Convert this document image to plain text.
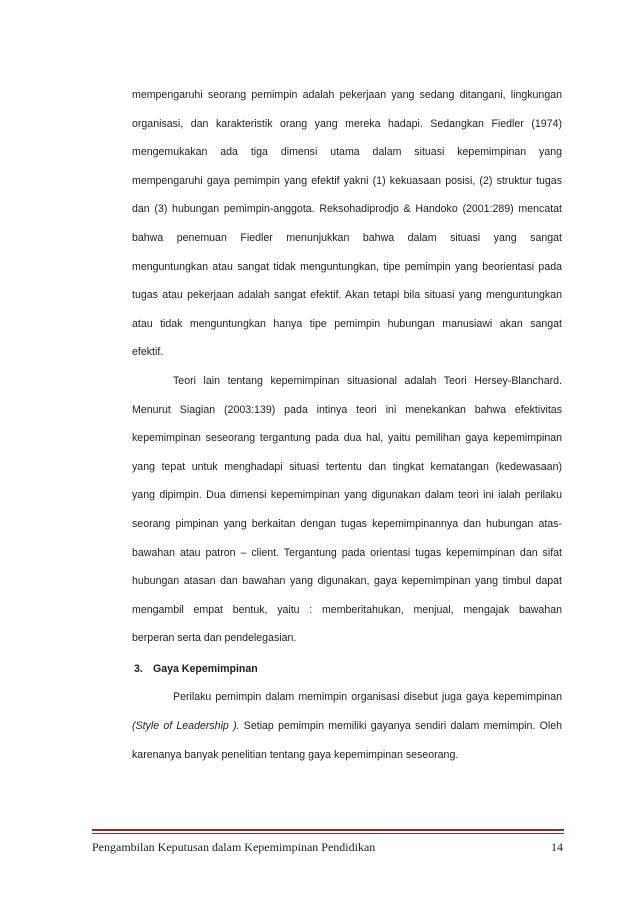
mempengaruhi seorang pemimpin adalah pekerjaan yang sedang ditangani, lingkungan
organisasi, dan karakteristik orang yang mereka hadapi. Sedangkan Fiedler (1974)
mengemukakan ada tiga dimensi utama dalam situasi kepemimpinan yang
mempengaruhi gaya pemimpin yang efektif yakni (1) kekuasaan posisi, (2) struktur tugas
dan (3) hubungan pemimpin-anggota. Reksohadiprodjo & Handoko (2001:289) mencatat
bahwa penemuan Fiedler menunjukkan bahwa dalam situasi yang sangat
menguntungkan atau sangat tidak menguntungkan, tipe pemimpin yang beorientasi pada
tugas atau pekerjaan adalah sangat efektif. Akan tetapi bila situasi yang menguntungkan
atau tidak menguntungkan hanya tipe pemimpin hubungan manusiawi akan sangat
efektif.
Teori lain tentang kepemimpinan situasional adalah Teori Hersey-Blanchard.
Menurut Siagian (2003:139) pada intinya teori ini menekankan bahwa efektivitas
kepemimpinan seseorang tergantung pada dua hal, yaitu pemilihan gaya kepemimpinan
yang tepat untuk menghadapi situasi tertentu dan tingkat kematangan (kedewasaan)
yang dipimpin. Dua dimensi kepemimpinan yang digunakan dalam teori ini ialah perilaku
seorang pimpinan yang berkaitan dengan tugas kepemimpinannya dan hubungan atas-
bawahan atau patron – client. Tergantung pada orientasi tugas kepemimpinan dan sifat
hubungan atasan dan bawahan yang digunakan, gaya kepemimpinan yang timbul dapat
mengambil empat bentuk, yaitu : memberitahukan, menjual, mengajak bawahan
berperan serta dan pendelegasian.
3. Gaya Kepemimpinan
Perilaku pemimpin dalam memimpin organisasi disebut juga gaya kepemimpinan
(Style of Leadership ). Setiap pemimpin memiliki gayanya sendiri dalam memimpin. Oleh
karenanya banyak penelitian tentang gaya kepemimpinan seseorang.
Pengambilan Keputusan dalam Kepemimpinan Pendidikan	14
